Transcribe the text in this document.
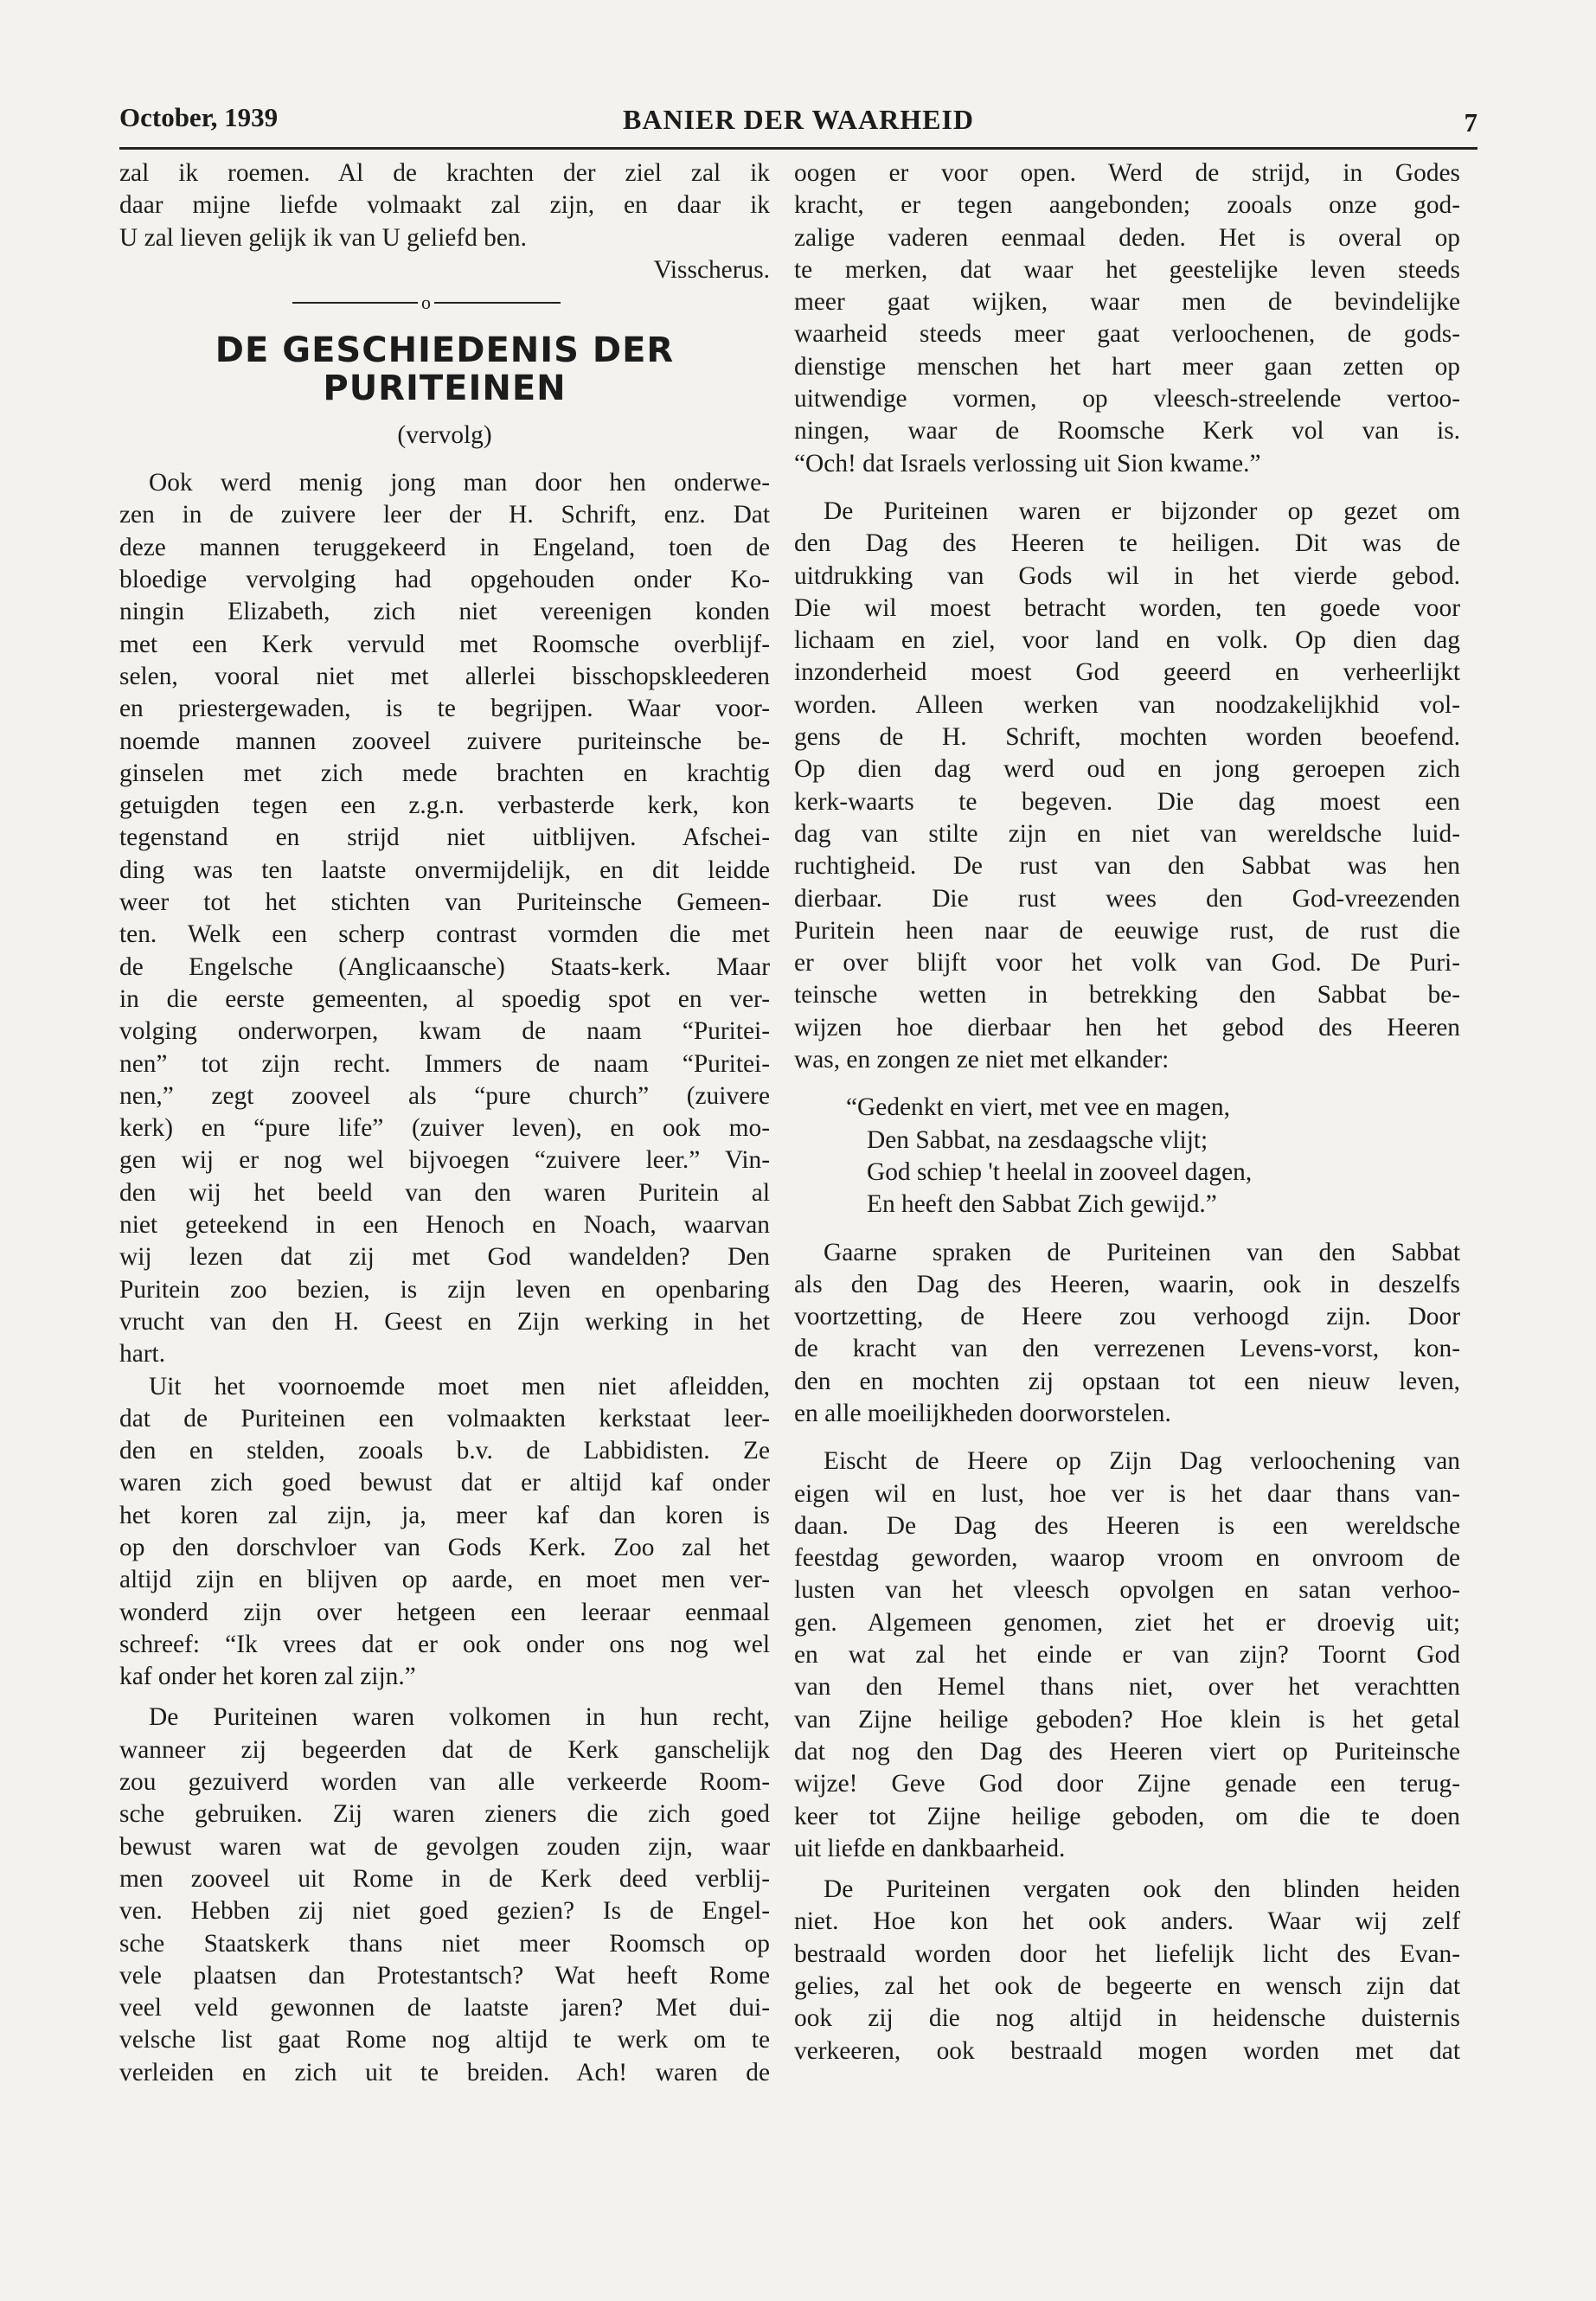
October, 1939	BANIER DER WAARHEID	7
zal ik roemen. Al de krachten der ziel zal ik
daar mijne liefde volmaakt zal zijn, en daar ik
U zal lieven gelijk ik van U geliefd ben.
Visscherus.
o
DE GESCHIEDENIS DER
PURITEINEN
(vervolg)
Ook werd menig jong man door hen onderwe-
zen in de zuivere leer der H. Schrift, enz. Dat
deze mannen teruggekeerd in Engeland, toen de
bloedige vervolging had opgehouden onder Ko-
ningin Elizabeth, zich niet vereenigen konden
met een Kerk vervuld met Roomsche overblijf-
selen, vooral niet met allerlei bisschopskleederen
en priestergewaden, is te begrijpen. Waar voor-
noemde mannen zooveel zuivere puriteinsche be-
ginselen met zich mede brachten en krachtig
getuigden tegen een z.g.n. verbasterde kerk, kon
tegenstand en strijd niet uitblijven. Afschei-
ding was ten laatste onvermijdelijk, en dit leidde
weer tot het stichten van Puriteinsche Gemeen-
ten. Welk een scherp contrast vormden die met
de Engelsche (Anglicaansche) Staats-kerk. Maar
in die eerste gemeenten, al spoedig spot en ver-
volging onderworpen, kwam de naam “Puritei-
nen” tot zijn recht. Immers de naam “Puritei-
nen,” zegt zooveel als “pure church” (zuivere
kerk) en “pure life” (zuiver leven), en ook mo-
gen wij er nog wel bijvoegen “zuivere leer.” Vin-
den wij het beeld van den waren Puritein al
niet geteekend in een Henoch en Noach, waarvan
wij lezen dat zij met God wandelden? Den
Puritein zoo bezien, is zijn leven en openbaring
vrucht van den H. Geest en Zijn werking in het
hart.
Uit het voornoemde moet men niet afleidden,
dat de Puriteinen een volmaakten kerkstaat leer-
den en stelden, zooals b.v. de Labbidisten. Ze
waren zich goed bewust dat er altijd kaf onder
het koren zal zijn, ja, meer kaf dan koren is
op den dorschvloer van Gods Kerk. Zoo zal het
altijd zijn en blijven op aarde, en moet men ver-
wonderd zijn over hetgeen een leeraar eenmaal
schreef: “Ik vrees dat er ook onder ons nog wel
kaf onder het koren zal zijn.”
De Puriteinen waren volkomen in hun recht,
wanneer zij begeerden dat de Kerk ganschelijk
zou gezuiverd worden van alle verkeerde Room-
sche gebruiken. Zij waren zieners die zich goed
bewust waren wat de gevolgen zouden zijn, waar
men zooveel uit Rome in de Kerk deed verblij-
ven. Hebben zij niet goed gezien? Is de Engel-
sche Staatskerk thans niet meer Roomsch op
vele plaatsen dan Protestantsch? Wat heeft Rome
veel veld gewonnen de laatste jaren? Met dui-
velsche list gaat Rome nog altijd te werk om te
verleiden en zich uit te breiden. Ach! waren de
oogen er voor open. Werd de strijd, in Godes
kracht, er tegen aangebonden; zooals onze god-
zalige vaderen eenmaal deden. Het is overal op
te merken, dat waar het geestelijke leven steeds
meer gaat wijken, waar men de bevindelijke
waarheid steeds meer gaat verloochenen, de gods-
dienstige menschen het hart meer gaan zetten op
uitwendige vormen, op vleesch-streelende vertoo-
ningen, waar de Roomsche Kerk vol van is.
“Och! dat Israels verlossing uit Sion kwame.”
De Puriteinen waren er bijzonder op gezet om
den Dag des Heeren te heiligen. Dit was de
uitdrukking van Gods wil in het vierde gebod.
Die wil moest betracht worden, ten goede voor
lichaam en ziel, voor land en volk. Op dien dag
inzonderheid moest God geeerd en verheerlijkt
worden. Alleen werken van noodzakelijkhid vol-
gens de H. Schrift, mochten worden beoefend.
Op dien dag werd oud en jong geroepen zich
kerk-waarts te begeven. Die dag moest een
dag van stilte zijn en niet van wereldsche luid-
ruchtigheid. De rust van den Sabbat was hen
dierbaar. Die rust wees den God-vreezenden
Puritein heen naar de eeuwige rust, de rust die
er over blijft voor het volk van God. De Puri-
teinsche wetten in betrekking den Sabbat be-
wijzen hoe dierbaar hen het gebod des Heeren
was, en zongen ze niet met elkander:
“Gedenkt en viert, met vee en magen,
Den Sabbat, na zesdaagsche vlijt;
God schiep 't heelal in zooveel dagen,
En heeft den Sabbat Zich gewijd.”
Gaarne spraken de Puriteinen van den Sabbat
als den Dag des Heeren, waarin, ook in deszelfs
voortzetting, de Heere zou verhoogd zijn. Door
de kracht van den verrezenen Levens-vorst, kon-
den en mochten zij opstaan tot een nieuw leven,
en alle moeilijkheden doorworstelen.
Eischt de Heere op Zijn Dag verloochening van
eigen wil en lust, hoe ver is het daar thans van-
daan. De Dag des Heeren is een wereldsche
feestdag geworden, waarop vroom en onvroom de
lusten van het vleesch opvolgen en satan verhoo-
gen. Algemeen genomen, ziet het er droevig uit;
en wat zal het einde er van zijn? Toornt God
van den Hemel thans niet, over het verachtten
van Zijne heilige geboden? Hoe klein is het getal
dat nog den Dag des Heeren viert op Puriteinsche
wijze! Geve God door Zijne genade een terug-
keer tot Zijne heilige geboden, om die te doen
uit liefde en dankbaarheid.
De Puriteinen vergaten ook den blinden heiden
niet. Hoe kon het ook anders. Waar wij zelf
bestraald worden door het liefelijk licht des Evan-
gelies, zal het ook de begeerte en wensch zijn dat
ook zij die nog altijd in heidensche duisternis
verkeeren, ook bestraald mogen worden met dat
